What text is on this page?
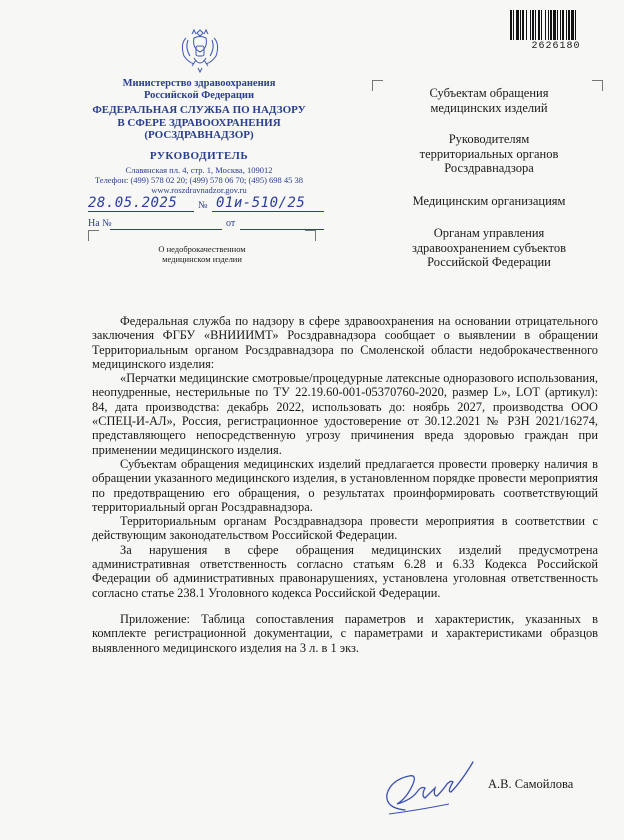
2626180
Министерство здравоохранения
Российской Федерации
ФЕДЕРАЛЬНАЯ СЛУЖБА ПО НАДЗОРУ
В СФЕРЕ ЗДРАВООХРАНЕНИЯ
(РОСЗДРАВНАДЗОР)
РУКОВОДИТЕЛЬ
Славянская пл. 4, стр. 1, Москва, 109012
Телефон: (499) 578 02 20; (499) 578 06 70; (495) 698 45 38
www.roszdravnadzor.gov.ru
28.05.2025 № 01и-510/25
На №	от
О недоброкачественном
медицинском изделии
Субъектам обращения
медицинских изделий
Руководителям
территориальных органов
Росздравнадзора
Медицинским организациям
Органам управления
здравоохранением субъектов
Российской Федерации

Федеральная служба по надзору в сфере здравоохранения на основании отрицательного заключения ФГБУ «ВНИИИМТ» Росздравнадзора сообщает о выявлении в обращении Территориальным органом Росздравнадзора по Смоленской области недоброкачественного медицинского изделия:

«Перчатки медицинские смотровые/процедурные латексные одноразового использования, неопудренные, нестерильные по ТУ 22.19.60-001-05370760-2020, размер L», LOT (артикул): 84, дата производства: декабрь 2022, использовать до: ноябрь 2027, производства ООО «СПЕЦ-И-АЛ», Россия, регистрационное удостоверение от 30.12.2021 № РЗН 2021/16274, представляющего непосредственную угрозу причинения вреда здоровью граждан при применении медицинского изделия.

Субъектам обращения медицинских изделий предлагается провести проверку наличия в обращении указанного медицинского изделия, в установленном порядке провести мероприятия по предотвращению его обращения, о результатах проинформировать соответствующий территориальный орган Росздравнадзора.

Территориальным органам Росздравнадзора провести мероприятия в соответствии с действующим законодательством Российской Федерации.

За нарушения в сфере обращения медицинских изделий предусмотрена административная ответственность согласно статьям 6.28 и 6.33 Кодекса Российской Федерации об административных правонарушениях, установлена уголовная ответственность согласно статье 238.1 Уголовного кодекса Российской Федерации.

Приложение: Таблица сопоставления параметров и характеристик, указанных в комплекте регистрационной документации, с параметрами и характеристиками образцов выявленного медицинского изделия на 3 л. в 1 экз.

А.В. Самойлова
